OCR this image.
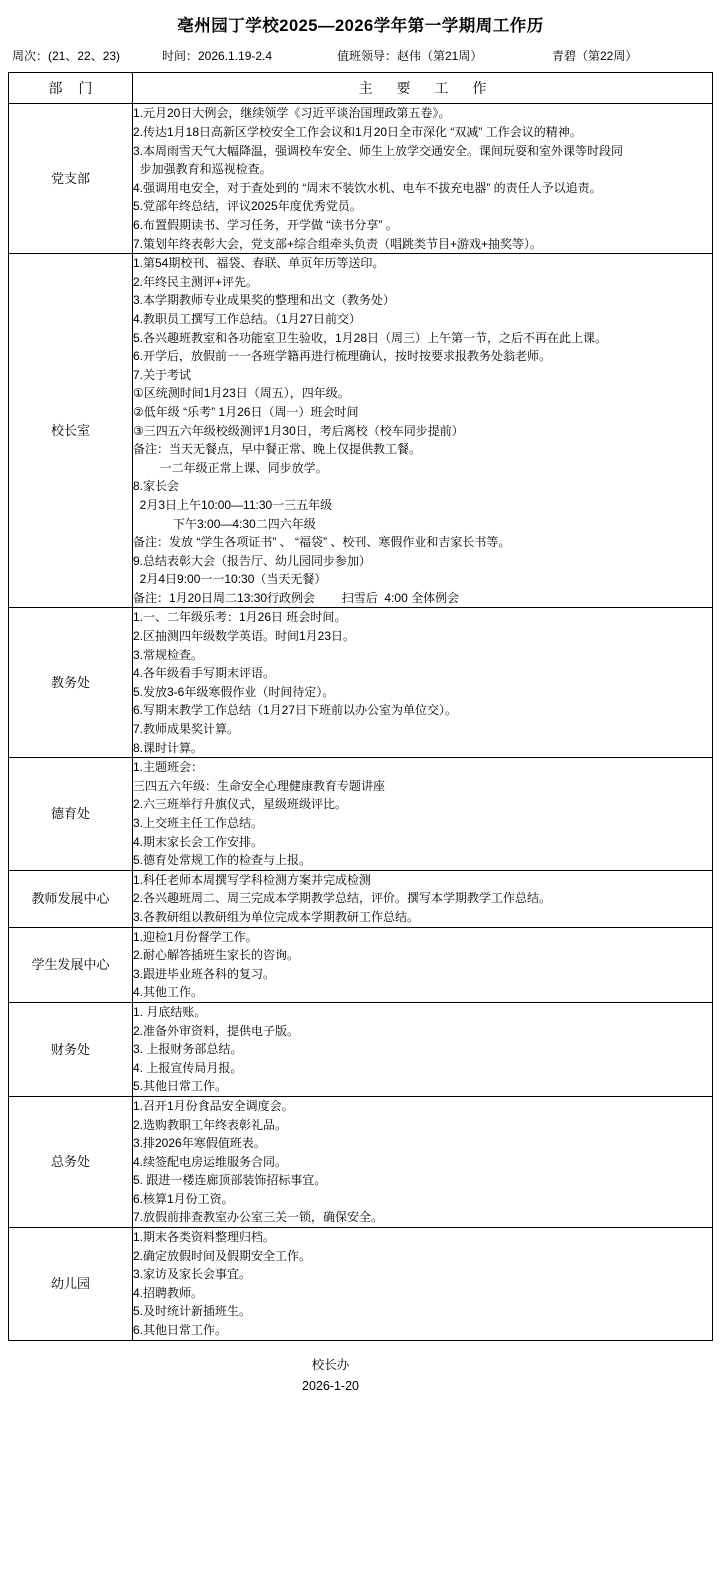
亳州园丁学校2025—2026学年第一学期周工作历
周次：(21、22、23)	时间：2026.1.19-2.4	值班领导：赵伟（第21周）	青碧（第22周）
部 门	主 要 工 作
党支部	
1.元月20日大例会，继续领学《习近平谈治国理政第五卷》。
2.传达1月18日高新区学校安全工作会议和1月20日全市深化 “双减” 工作会议的精神。
3.本周雨雪天气大幅降温，强调校车安全、师生上放学交通安全。课间玩耍和室外课等时段同
步加强教育和巡视检查。
4.强调用电安全，对于查处到的 “周末不装饮水机、电车不拔充电器” 的责任人予以追责。
5.党部年终总结，评议2025年度优秀党员。
6.布置假期读书、学习任务，开学做 “读书分享” 。
7.策划年终表彰大会，党支部+综合组牵头负责（唱跳类节目+游戏+抽奖等）。

校长室	
1.第54期校刊、福袋、春联、单页年历等送印。
2.年终民主测评+评先。
3.本学期教师专业成果奖的整理和出文（教务处）
4.教职员工撰写工作总结。（1月27日前交）
5.各兴趣班教室和各功能室卫生验收，1月28日（周三）上午第一节，之后不再在此上课。
6.开学后，放假前一一各班学籍再进行梳理确认，按时按要求报教务处翁老师。
7.关于考试
①区统测时间1月23日（周五），四年级。
②低年级 “乐考” 1月26日（周一）班会时间
③三四五六年级校级测评1月30日，考后离校（校车同步提前）
备注：当天无餐点，早中餐正常、晚上仅提供教工餐。
一二年级正常上课、同步放学。
8.家长会
2月3日上午10:00—11:30一三五年级
下午3:00—4:30二四六年级
备注：发放 “学生各项证书” 、 “福袋” 、校刊、寒假作业和吉家长书等。
9.总结表彰大会（报告厅、幼儿园同步参加）
2月4日9:00一一10:30（当天无餐）
备注：1月20日周二13:30行政例会        扫雪后  4:00 全体例会

教务处	
1.一、二年级乐考：1月26日 班会时间。
2.区抽测四年级数学英语。时间1月23日。
3.常规检查。
4.各年级看手写期末评语。
5.发放3-6年级寒假作业（时间待定）。
6.写期末教学工作总结（1月27日下班前以办公室为单位交）。
7.教师成果奖计算。
8.课时计算。

德育处	
1.主题班会：
三四五六年级：生命安全心理健康教育专题讲座
2.六三班举行升旗仪式，星级班级评比。
3.上交班主任工作总结。
4.期末家长会工作安排。
5.德育处常规工作的检查与上报。

教师发展中心	1.科任老师本周撰写学科检测方案并完成检测
2.各兴趣班周二、周三完成本学期教学总结，评价。撰写本学期教学工作总结。
3.各教研组以教研组为单位完成本学期教研工作总结。

学生发展中心	1.迎检1月份督学工作。
2.耐心解答插班生家长的咨询。
3.跟进毕业班各科的复习。
4.其他工作。

财务处	1. 月底结账。
2.准备外审资料，提供电子版。
3. 上报财务部总结。
4. 上报宣传局月报。
5.其他日常工作。

总务处	
1.召开1月份食品安全调度会。
2.选购教职工年终表彰礼品。
3.排2026年寒假值班表。
4.续签配电房运维服务合同。
5. 跟进一楼连廊顶部装饰招标事宜。
6.核算1月份工资。
7.放假前排查教室办公室三关一锁，确保安全。

幼儿园	
1.期末各类资料整理归档。
2.确定放假时间及假期安全工作。
3.家访及家长会事宜。
4.招聘教师。
5.及时统计新插班生。
6.其他日常工作。
校长办
2026-1-20
